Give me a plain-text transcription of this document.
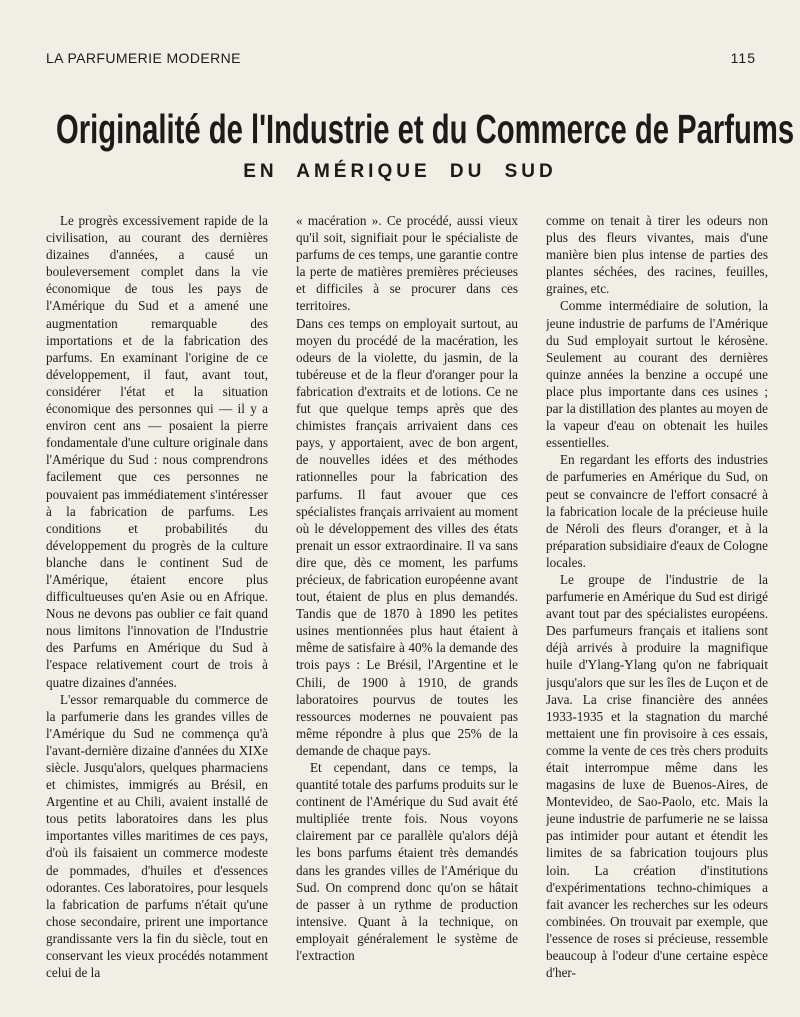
LA PARFUMERIE MODERNE	115
Originalité de l'Industrie et du Commerce de Parfums
EN AMÉRIQUE DU SUD

Le progrès excessivement rapide de la civilisation, au courant des dernières dizaines d'années, a causé un bouleversement complet dans la vie économique de tous les pays de l'Amérique du Sud et a amené une augmentation remarquable des importations et de la fabrication des parfums. En examinant l'origine de ce développement, il faut, avant tout, considérer l'état et la situation économique des personnes qui — il y a environ cent ans — posaient la pierre fondamentale d'une culture originale dans l'Amérique du Sud : nous comprendrons facilement que ces personnes ne pouvaient pas immédiatement s'intéresser à la fabrication de parfums. Les conditions et probabilités du développement du progrès de la culture blanche dans le continent Sud de l'Amérique, étaient encore plus difficultueuses qu'en Asie ou en Afrique. Nous ne devons pas oublier ce fait quand nous limitons l'innovation de l'Industrie des Parfums en Amérique du Sud à l'espace relativement court de trois à quatre dizaines d'années.

L'essor remarquable du commerce de la parfumerie dans les grandes villes de l'Amérique du Sud ne commença qu'à l'avant-dernière dizaine d'années du XIXe siècle. Jusqu'alors, quelques pharmaciens et chimistes, immigrés au Brésil, en Argentine et au Chili, avaient installé de tous petits laboratoires dans les plus importantes villes maritimes de ces pays, d'où ils faisaient un commerce modeste de pommades, d'huiles et d'essences odorantes. Ces laboratoires, pour lesquels la fabrication de parfums n'était qu'une chose secondaire, prirent une importance grandissante vers la fin du siècle, tout en conservant les vieux procédés notamment celui de la

« macération ». Ce procédé, aussi vieux qu'il soit, signifiait pour le spécialiste de parfums de ces temps, une garantie contre la perte de matières premières précieuses et difficiles à se procurer dans ces territoires.

Dans ces temps on employait surtout, au moyen du procédé de la macération, les odeurs de la violette, du jasmin, de la tubéreuse et de la fleur d'oranger pour la fabrication d'extraits et de lotions. Ce ne fut que quelque temps après que des chimistes français arrivaient dans ces pays, y apportaient, avec de bon argent, de nouvelles idées et des méthodes rationnelles pour la fabrication des parfums. Il faut avouer que ces spécialistes français arrivaient au moment où le développement des villes des états prenait un essor extraordinaire. Il va sans dire que, dès ce moment, les parfums précieux, de fabrication européenne avant tout, étaient de plus en plus demandés. Tandis que de 1870 à 1890 les petites usines mentionnées plus haut étaient à même de satisfaire à 40% la demande des trois pays : Le Brésil, l'Argentine et le Chili, de 1900 à 1910, de grands laboratoires pourvus de toutes les ressources modernes ne pouvaient pas même répondre à plus que 25% de la demande de chaque pays.

Et cependant, dans ce temps, la quantité totale des parfums produits sur le continent de l'Amérique du Sud avait été multipliée trente fois. Nous voyons clairement par ce parallèle qu'alors déjà les bons parfums étaient très demandés dans les grandes villes de l'Amérique du Sud. On comprend donc qu'on se hâtait de passer à un rythme de production intensive. Quant à la technique, on employait généralement le système de l'extraction

comme on tenait à tirer les odeurs non plus des fleurs vivantes, mais d'une manière bien plus intense de parties des plantes séchées, des racines, feuilles, graines, etc.

Comme intermédiaire de solution, la jeune industrie de parfums de l'Amérique du Sud employait surtout le kérosène. Seulement au courant des dernières quinze années la benzine a occupé une place plus importante dans ces usines ; par la distillation des plantes au moyen de la vapeur d'eau on obtenait les huiles essentielles.

En regardant les efforts des industries de parfumeries en Amérique du Sud, on peut se convaincre de l'effort consacré à la fabrication locale de la précieuse huile de Néroli des fleurs d'oranger, et à la préparation subsidiaire d'eaux de Cologne locales.

Le groupe de l'industrie de la parfumerie en Amérique du Sud est dirigé avant tout par des spécialistes européens. Des parfumeurs français et italiens sont déjà arrivés à produire la magnifique huile d'Ylang-Ylang qu'on ne fabriquait jusqu'alors que sur les îles de Luçon et de Java. La crise financière des années 1933-1935 et la stagnation du marché mettaient une fin provisoire à ces essais, comme la vente de ces très chers produits était interrompue même dans les magasins de luxe de Buenos-Aires, de Montevideo, de Sao-Paolo, etc. Mais la jeune industrie de parfumerie ne se laissa pas intimider pour autant et étendit les limites de sa fabrication toujours plus loin. La création d'institutions d'expérimentations techno-chimiques a fait avancer les recherches sur les odeurs combinées. On trouvait par exemple, que l'essence de roses si précieuse, ressemble beaucoup à l'odeur d'une certaine espèce d'her-
